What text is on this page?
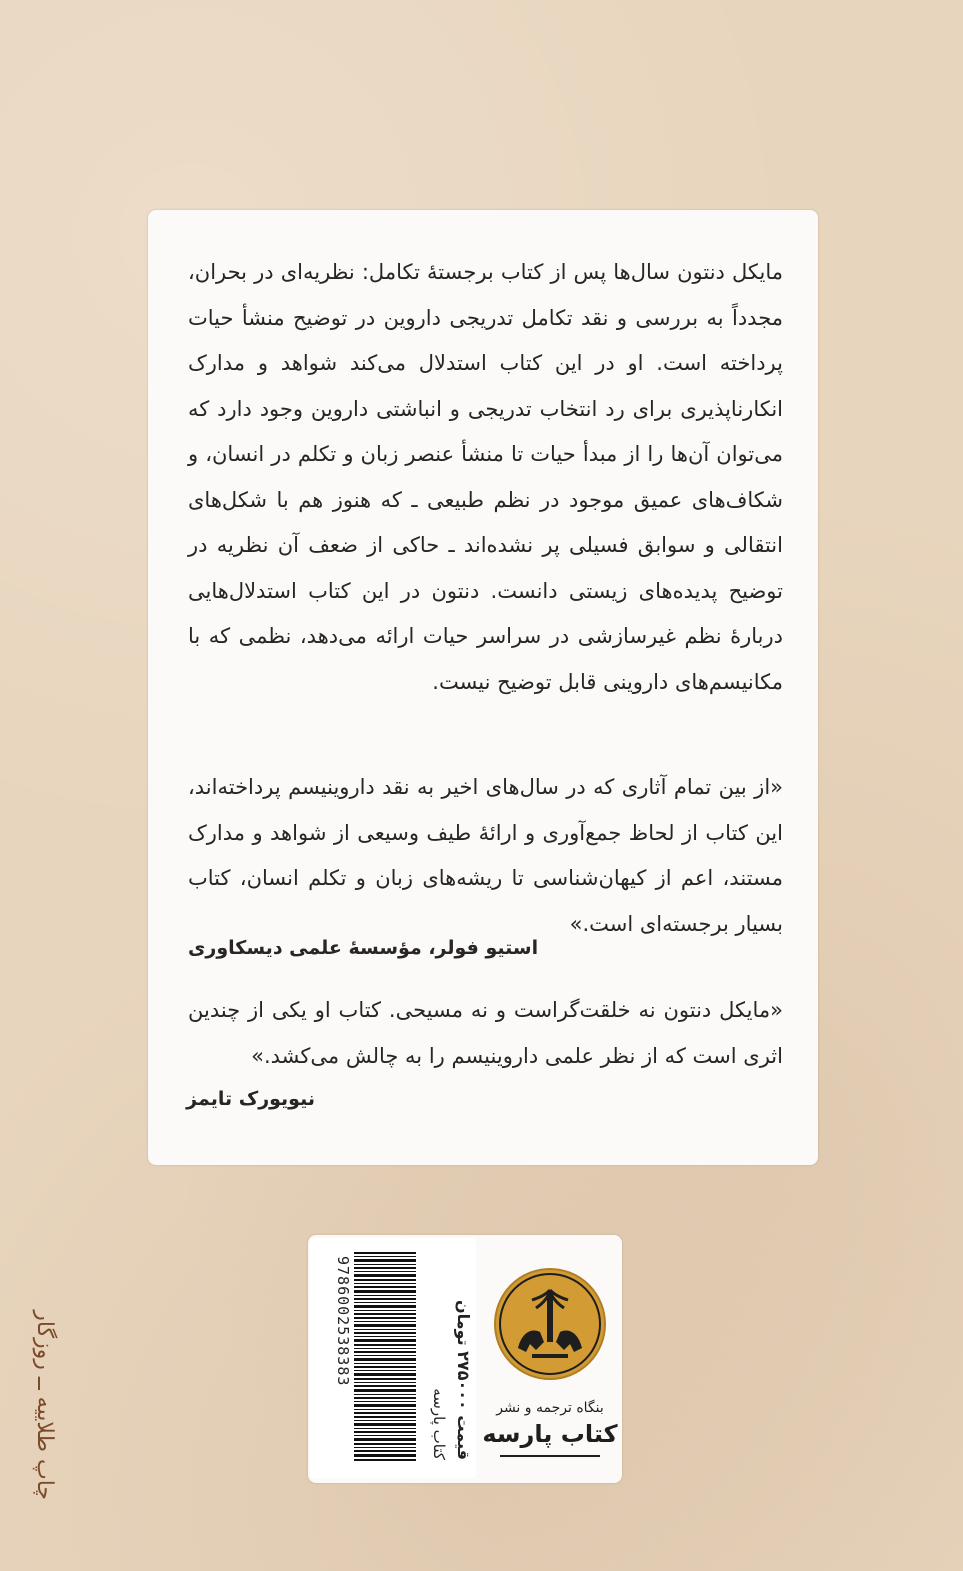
مایکل دنتون سال‌ها پس از کتاب برجستهٔ تکامل: نظریه‌ای در بحران، مجدداً به بررسی و نقد تکامل تدریجی داروین در توضیح منشأ حیات پرداخته است. او در این کتاب استدلال می‌کند شواهد و مدارک انکارناپذیری برای رد انتخاب تدریجی و انباشتی داروین وجود دارد که می‌توان آن‌ها را از مبدأ حیات تا منشأ عنصر زبان و تکلم در انسان، و شکاف‌های عمیق موجود در نظم طبیعی ـ که هنوز هم با شکل‌های انتقالی و سوابق فسیلی پر نشده‌اند ـ حاکی از ضعف آن نظریه در توضیح پدیده‌های زیستی دانست. دنتون در این کتاب استدلال‌هایی دربارهٔ نظم غیرسازشی در سراسر حیات ارائه می‌دهد، نظمی که با مکانیسم‌های داروینی قابل توضیح نیست.

«از بین تمام آثاری که در سال‌های اخیر به نقد داروینیسم پرداخته‌اند، این کتاب از لحاظ جمع‌آوری و ارائهٔ طیف وسیعی از شواهد و مدارک مستند، اعم از کیهان‌شناسی تا ریشه‌های زبان و تکلم انسان، کتاب بسیار برجسته‌ای است.»

استیو فولر، مؤسسهٔ علمی دیسکاوری

«مایکل دنتون نه خلقت‌گراست و نه مسیحی. کتاب او یکی از چندین اثری است که از نظر علمی داروینیسم را به چالش می‌کشد.»

نیویورک تایمز
بنگاه ترجمه و نشر
کتاب پارسه
قیمت ۲۷۵۰۰۰ تومان
کتاب پارسه
9786002538383
چاپ طلاییه ــ روزگار
